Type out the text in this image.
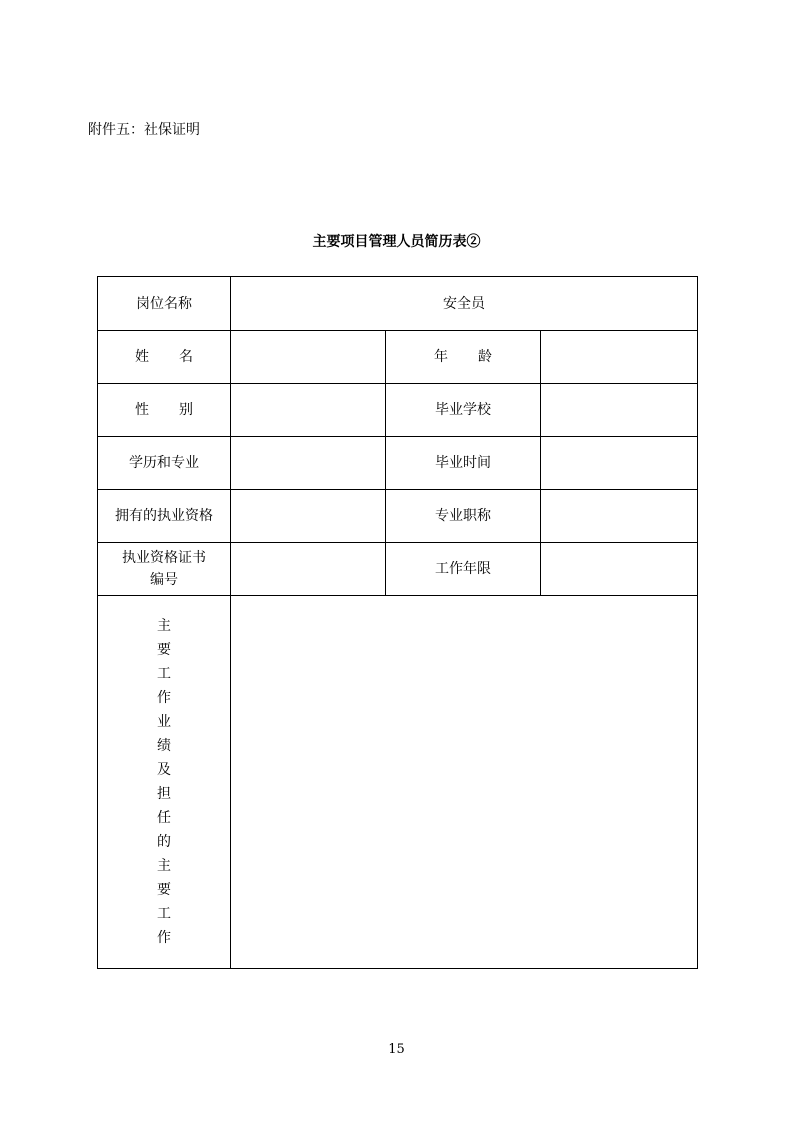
附件五：社保证明
主要项目管理人员简历表②
岗位名称	安全员		
姓 名		年 龄	
性 别		毕业学校	
学历和专业		毕业时间	
拥有的执业资格		专业职称	

执业资格证书
编号		工作年限	
主要工作业绩及担任的主要工作			
15
